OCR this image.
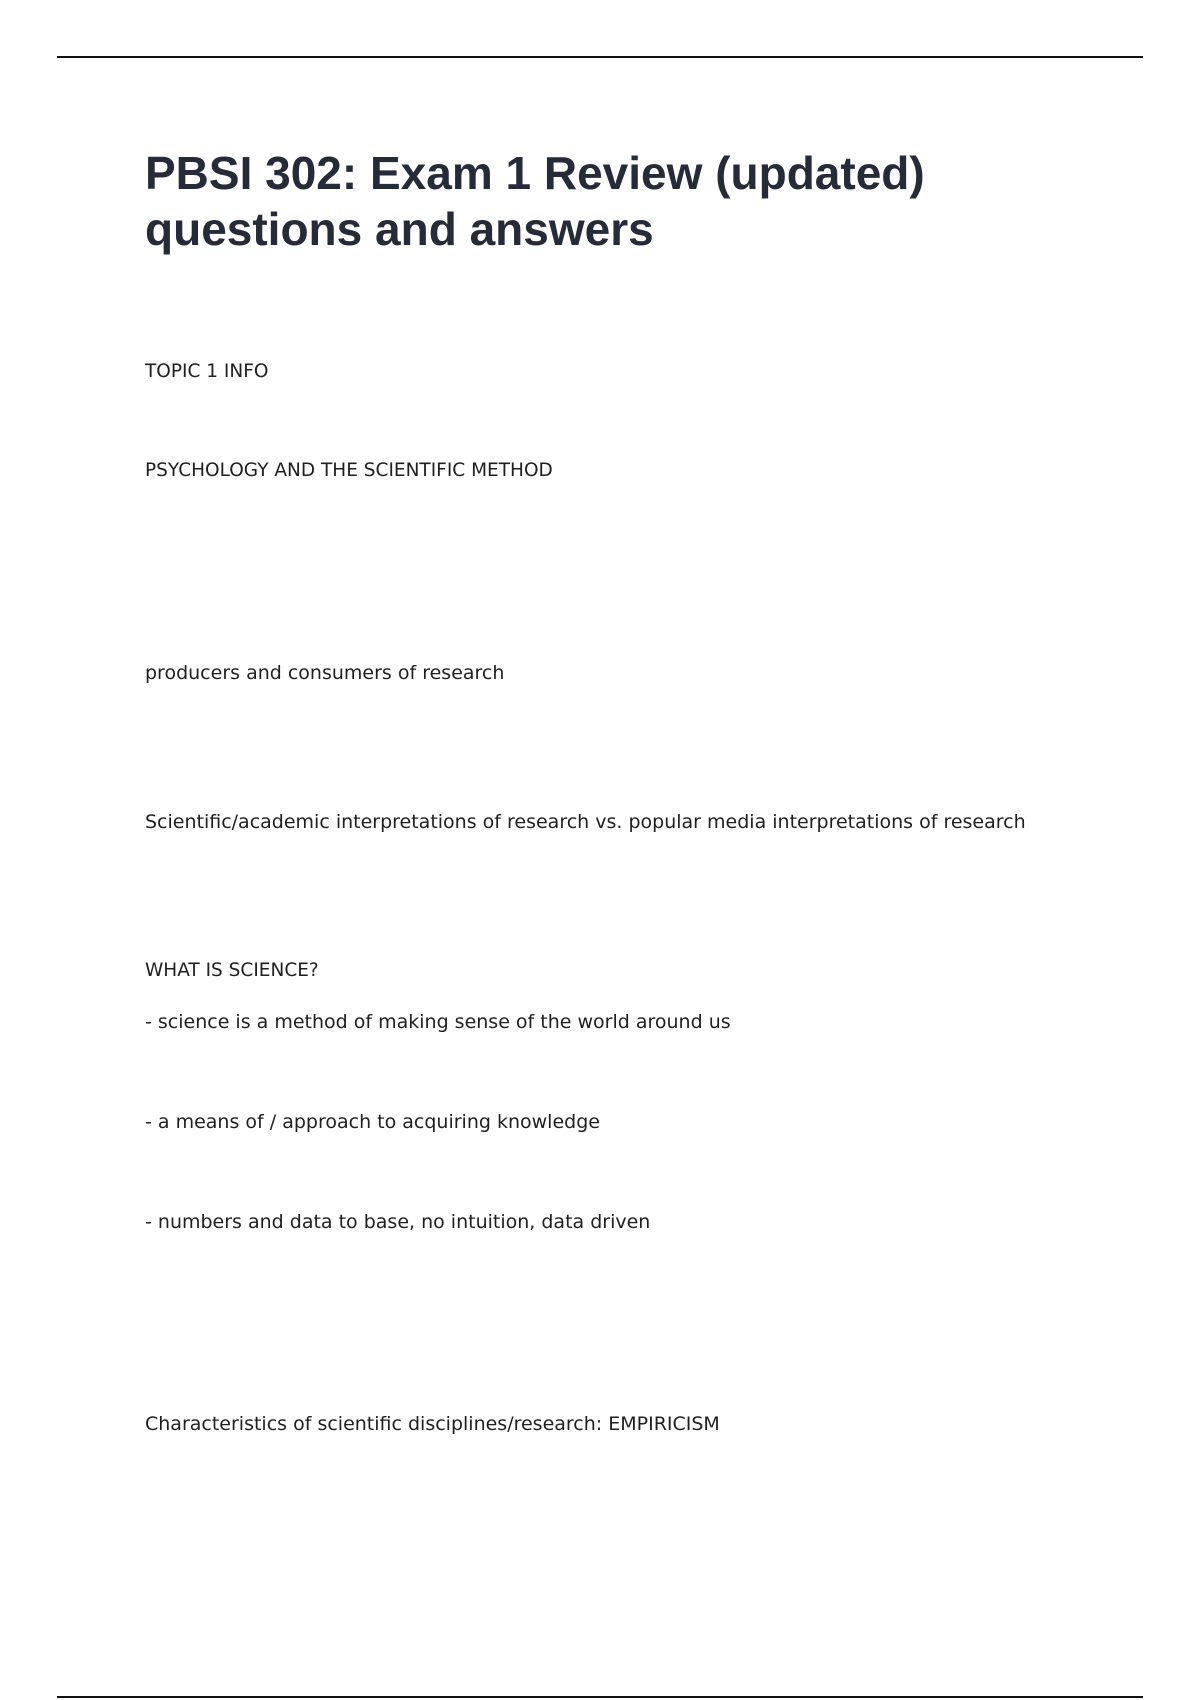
PBSI 302: Exam 1 Review (updated) questions and answers

TOPIC 1 INFO

PSYCHOLOGY AND THE SCIENTIFIC METHOD

producers and consumers of research

Scientific/academic interpretations of research vs. popular media interpretations of research

WHAT IS SCIENCE?

- science is a method of making sense of the world around us

- a means of / approach to acquiring knowledge

- numbers and data to base, no intuition, data driven

Characteristics of scientific disciplines/research: EMPIRICISM
